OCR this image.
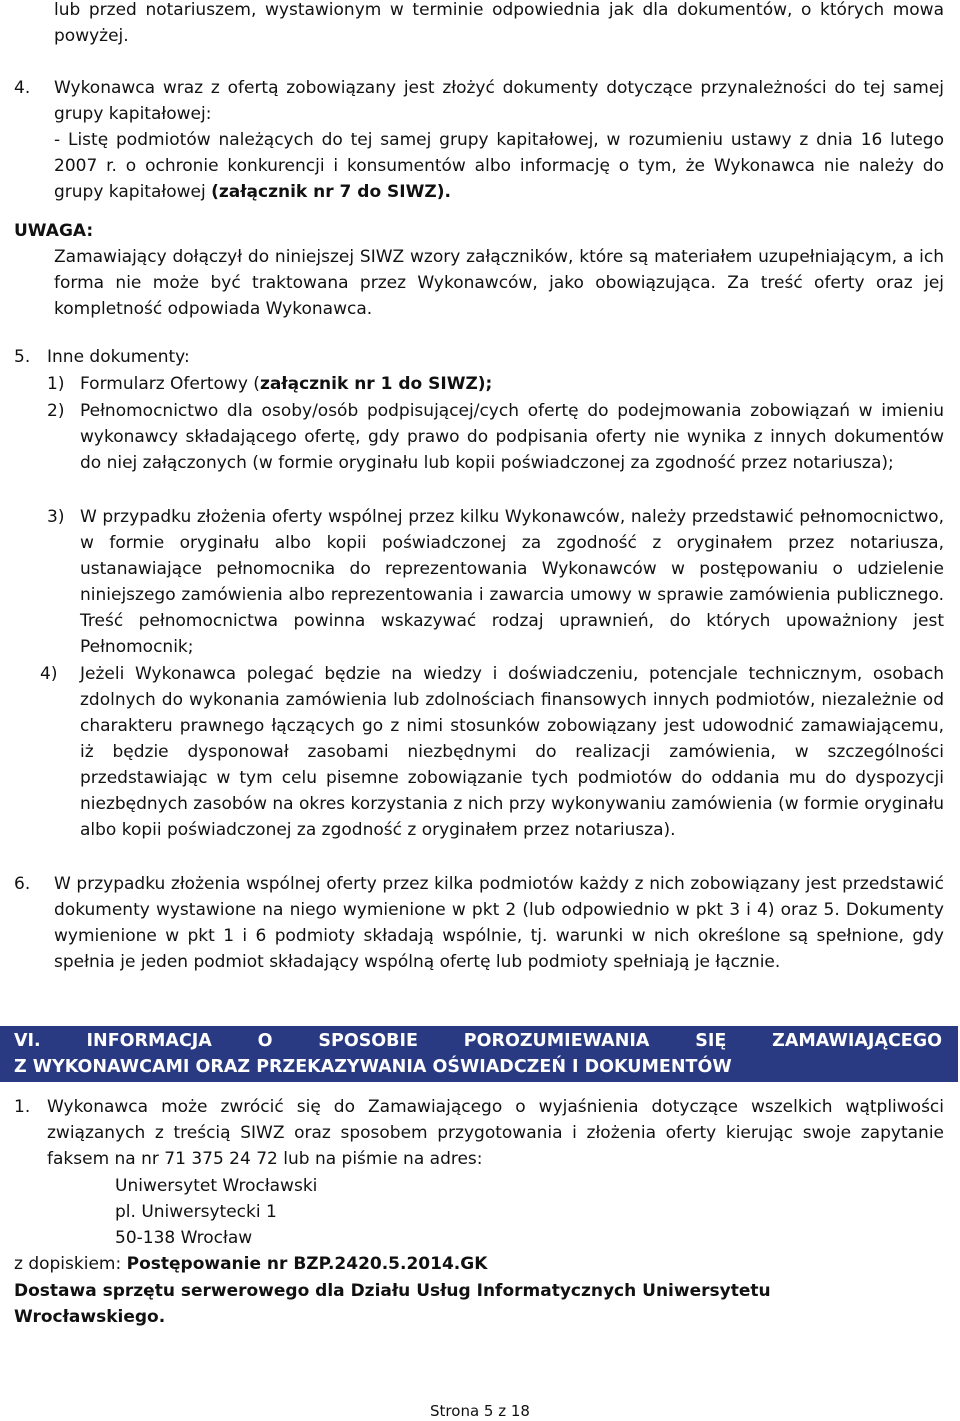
lub przed notariuszem, wystawionym w terminie odpowiednia jak dla dokumentów, o których mowa powyżej.
4. Wykonawca wraz z ofertą zobowiązany jest złożyć dokumenty dotyczące przynależności do tej samej grupy kapitałowej:
- Listę podmiotów należących do tej samej grupy kapitałowej, w rozumieniu ustawy z dnia 16 lutego 2007 r. o ochronie konkurencji i konsumentów albo informację o tym, że Wykonawca nie należy do grupy kapitałowej (załącznik nr 7 do SIWZ).
UWAGA:
Zamawiający dołączył do niniejszej SIWZ wzory załączników, które są materiałem uzupełniającym, a ich forma nie może być traktowana przez Wykonawców, jako obowiązująca. Za treść oferty oraz jej kompletność odpowiada Wykonawca.
5. Inne dokumenty:
1) Formularz Ofertowy (załącznik nr 1 do SIWZ);
2) Pełnomocnictwo dla osoby/osób podpisującej/cych ofertę do podejmowania zobowiązań w imieniu wykonawcy składającego ofertę, gdy prawo do podpisania oferty nie wynika z innych dokumentów do niej załączonych (w formie oryginału lub kopii poświadczonej za zgodność przez notariusza);
3) W przypadku złożenia oferty wspólnej przez kilku Wykonawców, należy przedstawić pełnomocnictwo, w formie oryginału albo kopii poświadczonej za zgodność z oryginałem przez notariusza, ustanawiające pełnomocnika do reprezentowania Wykonawców w postępowaniu o udzielenie niniejszego zamówienia albo reprezentowania i zawarcia umowy w sprawie zamówienia publicznego. Treść pełnomocnictwa powinna wskazywać rodzaj uprawnień, do których upoważniony jest Pełnomocnik;
4) Jeżeli Wykonawca polegać będzie na wiedzy i doświadczeniu, potencjale technicznym, osobach zdolnych do wykonania zamówienia lub zdolnościach finansowych innych podmiotów, niezależnie od charakteru prawnego łączących go z nimi stosunków zobowiązany jest udowodnić zamawiającemu, iż będzie dysponował zasobami niezbędnymi do realizacji zamówienia, w szczególności przedstawiając w tym celu pisemne zobowiązanie tych podmiotów do oddania mu do dyspozycji niezbędnych zasobów na okres korzystania z nich przy wykonywaniu zamówienia (w formie oryginału albo kopii poświadczonej za zgodność z oryginałem przez notariusza).
6. W przypadku złożenia wspólnej oferty przez kilka podmiotów każdy z nich zobowiązany jest przedstawić dokumenty wystawione na niego wymienione w pkt 2 (lub odpowiednio w pkt 3 i 4) oraz 5. Dokumenty wymienione w pkt 1 i 6 podmioty składają wspólnie, tj. warunki w nich określone są spełnione, gdy spełnia je jeden podmiot składający wspólną ofertę lub podmioty spełniają je łącznie.
VI. INFORMACJA O SPOSOBIE POROZUMIEWANIA SIĘ ZAMAWIAJĄCEGO
Z WYKONAWCAMI ORAZ PRZEKAZYWANIA OŚWIADCZEŃ I DOKUMENTÓW
1. Wykonawca może zwrócić się do Zamawiającego o wyjaśnienia dotyczące wszelkich wątpliwości związanych z treścią SIWZ oraz sposobem przygotowania i złożenia oferty kierując swoje zapytanie faksem na nr 71 375 24 72 lub na piśmie na adres:
Uniwersytet Wrocławski
pl. Uniwersytecki 1
50-138 Wrocław
z dopiskiem: Postępowanie nr BZP.2420.5.2014.GK
Dostawa sprzętu serwerowego dla Działu Usług Informatycznych Uniwersytetu Wrocławskiego.
Strona 5 z 18
